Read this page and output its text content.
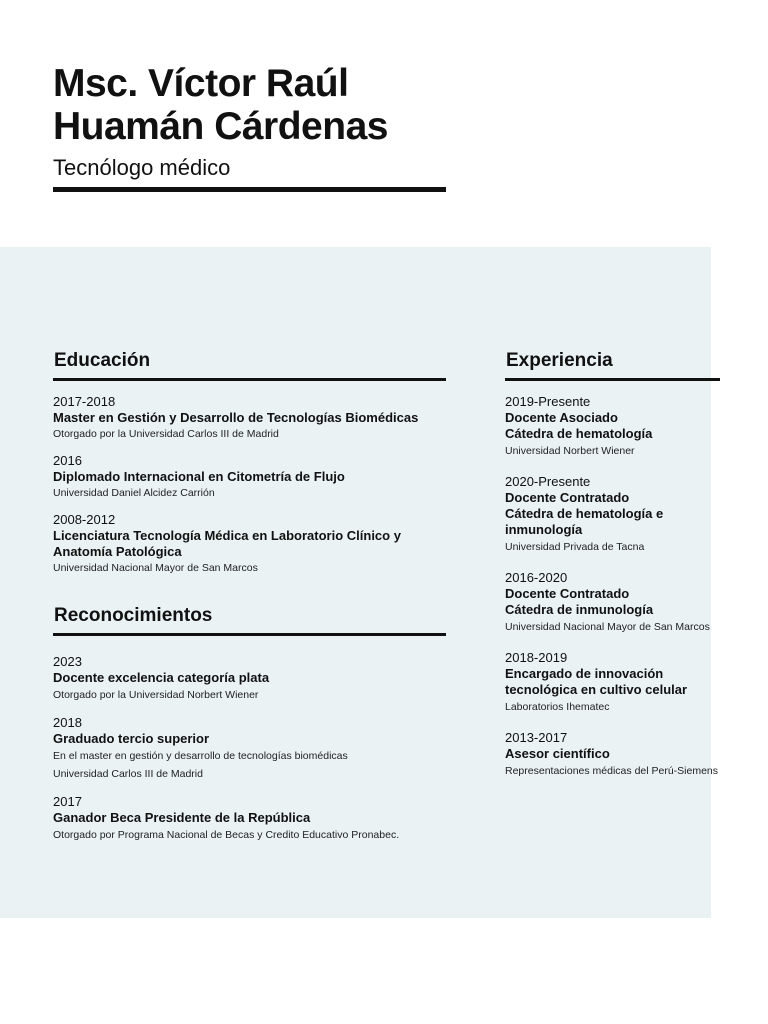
Msc. Víctor Raúl
Huamán Cárdenas
Tecnólogo médico
Educación
2017-2018
Master en Gestión y Desarrollo de Tecnologías Biomédicas
Otorgado por la Universidad Carlos III de Madrid
2016
Diplomado Internacional en Citometría de Flujo
Universidad Daniel Alcidez Carrión
2008-2012
Licenciatura Tecnología Médica en Laboratorio Clínico y Anatomía Patológica
Universidad Nacional Mayor de San Marcos
Reconocimientos
2023
Docente excelencia categoría plata
Otorgado por la Universidad Norbert Wiener
2018
Graduado tercio superior
En el master en gestión y desarrollo de tecnologías biomédicas
Universidad Carlos III de Madrid
2017
Ganador Beca Presidente de la República
Otorgado por Programa Nacional de Becas y Credito Educativo Pronabec.
Experiencia
2019-Presente
Docente Asociado
Cátedra de hematología
Universidad Norbert Wiener
2020-Presente
Docente Contratado
Cátedra de hematología e inmunología
Universidad Privada de Tacna
2016-2020
Docente Contratado
Cátedra de inmunología
Universidad Nacional Mayor de San Marcos
2018-2019
Encargado de innovación tecnológica en cultivo celular
Laboratorios Ihematec
2013-2017
Asesor científico
Representaciones médicas del Perú-Siemens
